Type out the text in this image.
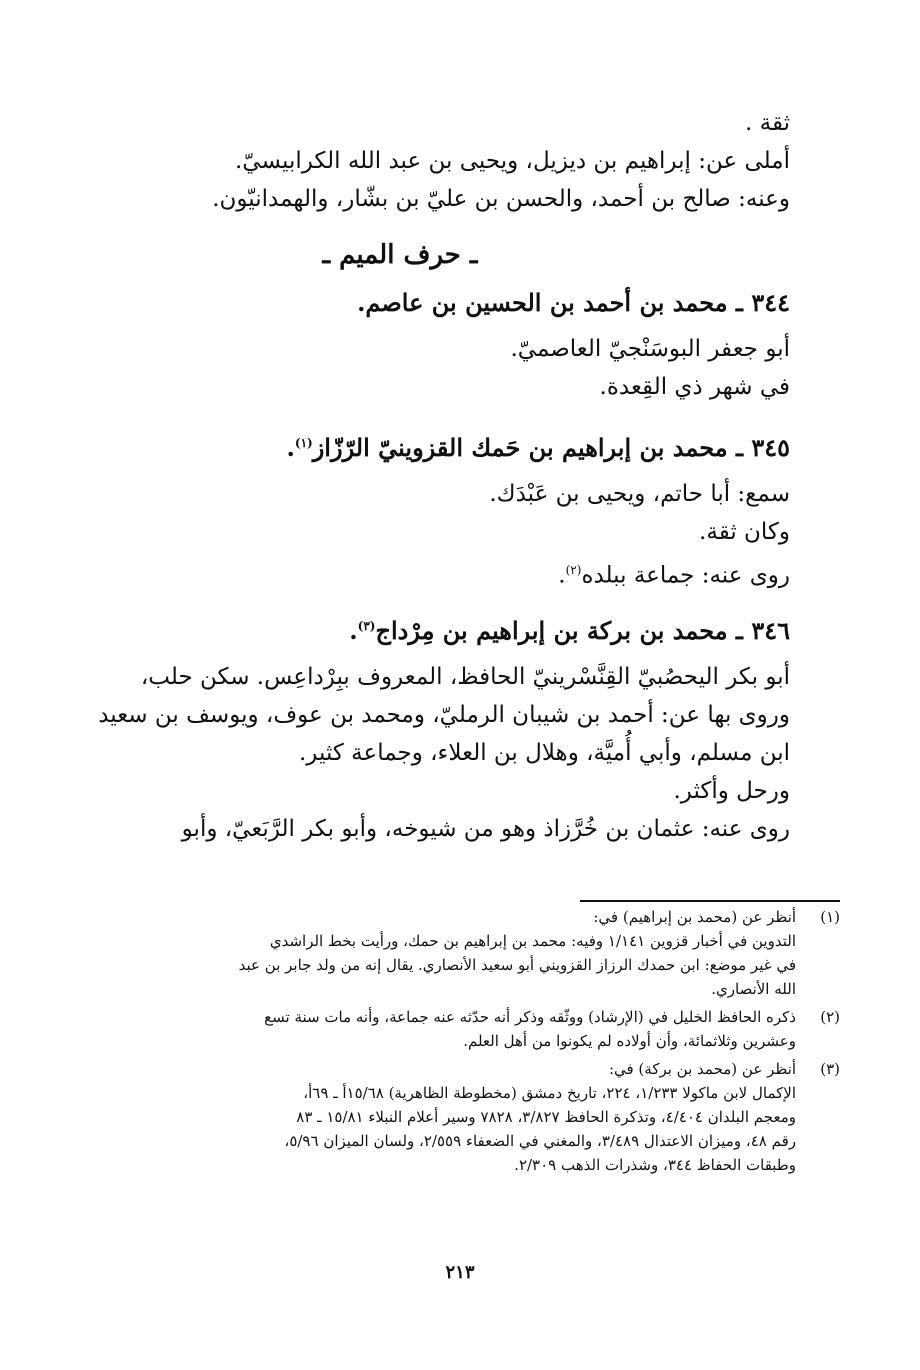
ثقة .

أملى عن: إبراهيم بن ديزيل، ويحيى بن عبد الله الكرابيسيّ.

وعنه: صالح بن أحمد، والحسن بن عليّ بن بشّار، والهمدانيّون.

ـ حرف الميم ـ
٣٤٤ ـ محمد بن أحمد بن الحسين بن عاصم.

أبو جعفر البوسَنْجيّ العاصميّ.

في شهر ذي القِعدة.

٣٤٥ ـ محمد بن إبراهيم بن حَمك القزوينيّ الرّزّاز$^{(١)}$.

سمع: أبا حاتم، ويحيى بن عَبْدَك.

وكان ثقة.

روى عنه: جماعة ببلده$^{(٢)}$.

٣٤٦ ـ محمد بن بركة بن إبراهيم بن مِرْداج$^{(٣)}$.

أبو بكر اليحصُبيّ القِنَّسْرينيّ الحافظ، المعروف ببِرْداعِس. سكن حلب،

وروى بها عن: أحمد بن شيبان الرمليّ، ومحمد بن عوف، ويوسف بن سعيد

ابن مسلم، وأبي أُميَّة، وهلال بن العلاء، وجماعة كثير.

ورحل وأكثر.

روى عنه: عثمان بن خُرَّزاذ وهو من شيوخه، وأبو بكر الرَّبَعيّ، وأبو

(١)
أنظر عن (محمد بن إبراهيم) في:
التدوين في أخبار قزوين ١/١٤١ وفيه: محمد بن إبراهيم بن حمك، ورأيت بخط الراشدي
في غير موضع: ابن حمدك الرزاز القزويني أبو سعيد الأنصاري. يقال إنه من ولد جابر بن عبد
الله الأنصاري.
(٢)
ذكره الحافظ الخليل في (الإرشاد) ووثّقه وذكر أنه حدّثه عنه جماعة، وأنه مات سنة تسع
وعشرين وثلاثمائة، وأن أولاده لم يكونوا من أهل العلم.
(٣)
أنظر عن (محمد بن بركة) في:
الإكمال لابن ماكولا ١/٢٣٣، ٢٢٤، تاريخ دمشق (مخطوطة الظاهرية) ١٥/٦٨أ ـ ٦٩أ،
ومعجم البلدان ٤/٤٠٤، وتذكرة الحافظ ٣/٨٢٧، ٧٨٢٨ وسير أعلام النبلاء ١٥/٨١ ـ ٨٣
رقم ٤٨، وميزان الاعتدال ٣/٤٨٩، والمغني في الضعفاء ٢/٥٥٩، ولسان الميزان ٥/٩٦،
وطبقات الحفاظ ٣٤٤، وشذرات الذهب ٢/٣٠٩.
٢١٣
